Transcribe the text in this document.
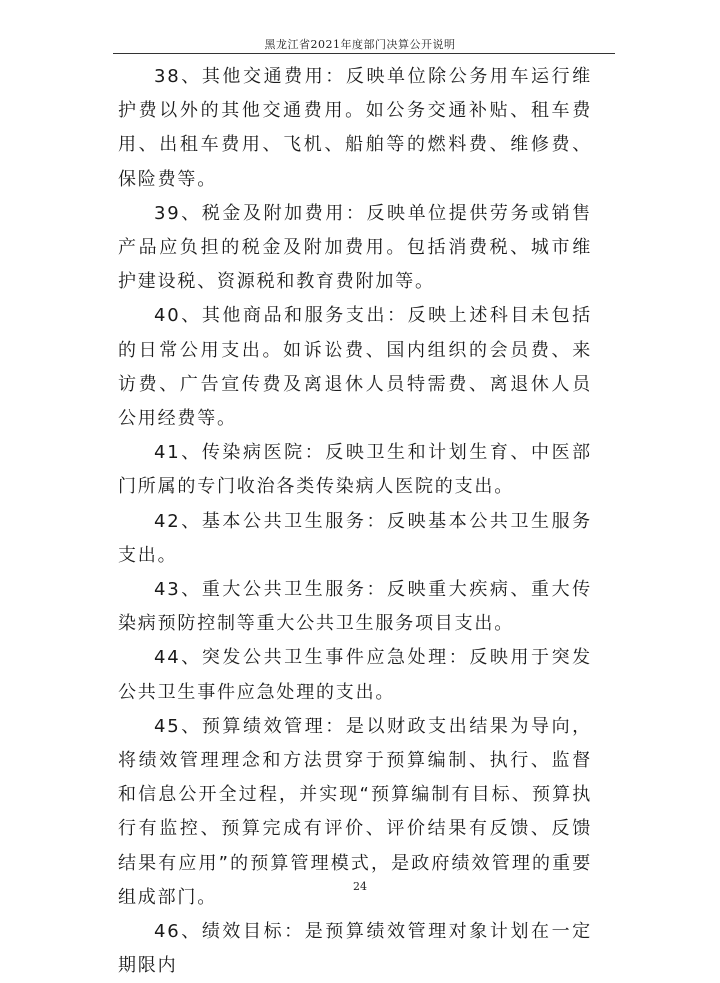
黑龙江省2021年度部门决算公开说明

38、其他交通费用：反映单位除公务用车运行维护费以外的其他交通费用。如公务交通补贴、租车费用、出租车费用、飞机、船舶等的燃料费、维修费、保险费等。

39、税金及附加费用：反映单位提供劳务或销售产品应负担的税金及附加费用。包括消费税、城市维护建设税、资源税和教育费附加等。

40、其他商品和服务支出：反映上述科目未包括的日常公用支出。如诉讼费、国内组织的会员费、来访费、广告宣传费及离退休人员特需费、离退休人员公用经费等。

41、传染病医院：反映卫生和计划生育、中医部门所属的专门收治各类传染病人医院的支出。

42、基本公共卫生服务：反映基本公共卫生服务支出。

43、重大公共卫生服务：反映重大疾病、重大传染病预防控制等重大公共卫生服务项目支出。

44、突发公共卫生事件应急处理：反映用于突发公共卫生事件应急处理的支出。

45、预算绩效管理：是以财政支出结果为导向，将绩效管理理念和方法贯穿于预算编制、执行、监督和信息公开全过程，并实现“预算编制有目标、预算执行有监控、预算完成有评价、评价结果有反馈、反馈结果有应用”的预算管理模式，是政府绩效管理的重要组成部门。

46、绩效目标：是预算绩效管理对象计划在一定期限内

24
